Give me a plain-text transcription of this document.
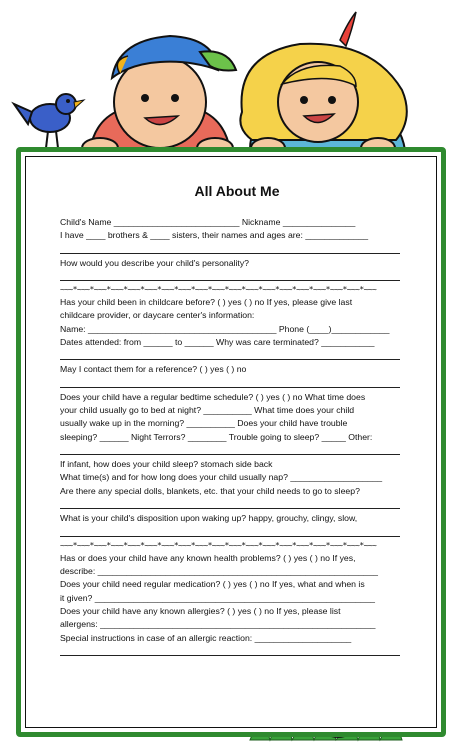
All About Me
Child's Name __________________________ Nickname _______________
I have ____ brothers & ____ sisters, their names and ages are: _____________
How would you describe your child's personality?
~~~*~~~*~~~*~~~*~~~*~~~*~~~*~~~*~~~*~~~*~~~*~~~*~~~*~~~*~~~*~~~*~~~*~~~*~~~
Has your child been in childcare before? ( ) yes ( ) no If yes, please give last
childcare provider, or daycare center's information:
Name: _______________________________________ Phone (____)____________
Dates attended: from ______ to ______ Why was care terminated? ___________
May I contact them for a reference? ( ) yes ( ) no
Does your child have a regular bedtime schedule? ( ) yes ( ) no What time does
your child usually go to bed at night? __________ What time does your child
usually wake up in the morning? __________ Does your child have trouble
sleeping? ______ Night Terrors? ________ Trouble going to sleep? _____ Other:
If infant, how does your child sleep? stomach side back
What time(s) and for how long does your child usually nap? ___________________
Are there any special dolls, blankets, etc. that your child needs to go to sleep?
What is your child's disposition upon waking up? happy, grouchy, clingy, slow,
~~~*~~~*~~~*~~~*~~~*~~~*~~~*~~~*~~~*~~~*~~~*~~~*~~~*~~~*~~~*~~~*~~~*~~~*~~~
Has or does your child have any known health problems? ( ) yes ( ) no If yes,
describe: __________________________________________________________
Does your child need regular medication? ( ) yes ( ) no If yes, what and when is
it given? __________________________________________________________
Does your child have any known allergies? ( ) yes ( ) no If yes, please list
allergens: _________________________________________________________
Special instructions in case of an allergic reaction: ____________________
